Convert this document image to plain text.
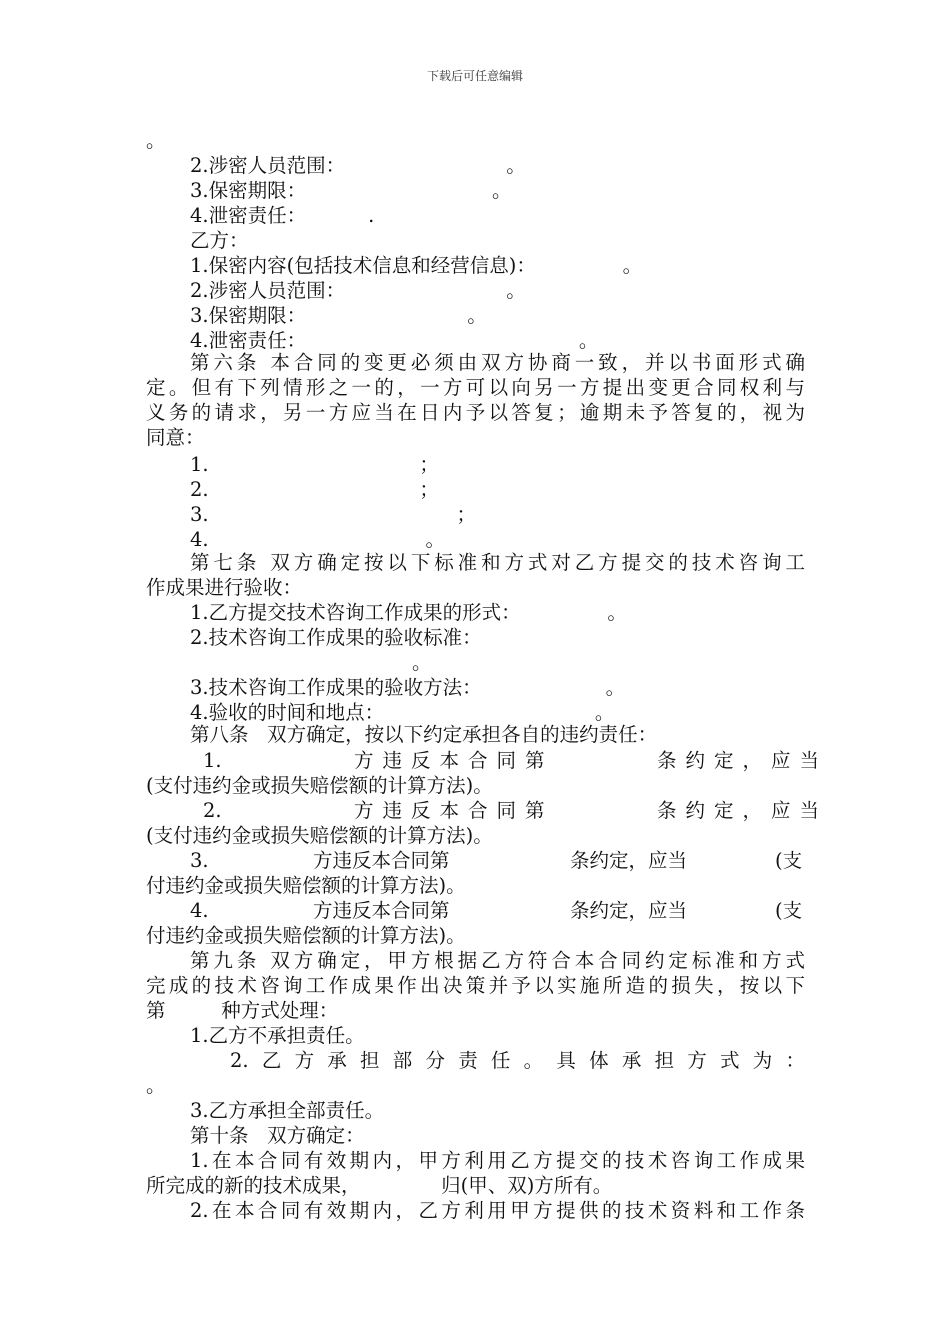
下载后可任意编辑
。
2.涉密人员范围：                          。
3.保密期限：                              。
4.泄密责任：          .
乙方：
1.保密内容(包括技术信息和经营信息)：              。
2.涉密人员范围：                          。
3.保密期限：                          。
4.泄密责任：                                            。
第六条 本合同的变更必须由双方协商一致，并以书面形式确
定。但有下列情形之一的，一方可以向另一方提出变更合同权利与
义务的请求，另一方应当在日内予以答复；逾期未予答复的，视为
同意：
1.                                  ；
2.                                  ；
3.                                        ；
4.                                   。
第七条 双方确定按以下标准和方式对乙方提交的技术咨询工
作成果进行验收：
1.乙方提交技术咨询工作成果的形式：              。
2.技术咨询工作成果的验收标准：
。
3.技术咨询工作成果的验收方法：                    。
4.验收的时间和地点：                                  。
第八条   双方确定，按以下约定承担各自的违约责任：
1.	方违反本合同第	条约定，应当
(支付违约金或损失赔偿额的计算方法)。
2.	方违反本合同第	条约定，应当
(支付违约金或损失赔偿额的计算方法)。
3.	方违反本合同第	条约定，应当	(支
付违约金或损失赔偿额的计算方法)。
4.	方违反本合同第	条约定，应当	(支
付违约金或损失赔偿额的计算方法)。
第九条 双方确定，甲方根据乙方符合本合同约定标准和方式
完成的技术咨询工作成果作出决策并予以实施所造的损失，按以下
第         种方式处理：
1.乙方不承担责任。
2.乙方承担部分责任。具体承担方式为：
。
3.乙方承担全部责任。
第十条   双方确定：
1.在本合同有效期内，甲方利用乙方提交的技术咨询工作成果
所完成的新的技术成果，             归(甲、双)方所有。
2.在本合同有效期内，乙方利用甲方提供的技术资料和工作条
